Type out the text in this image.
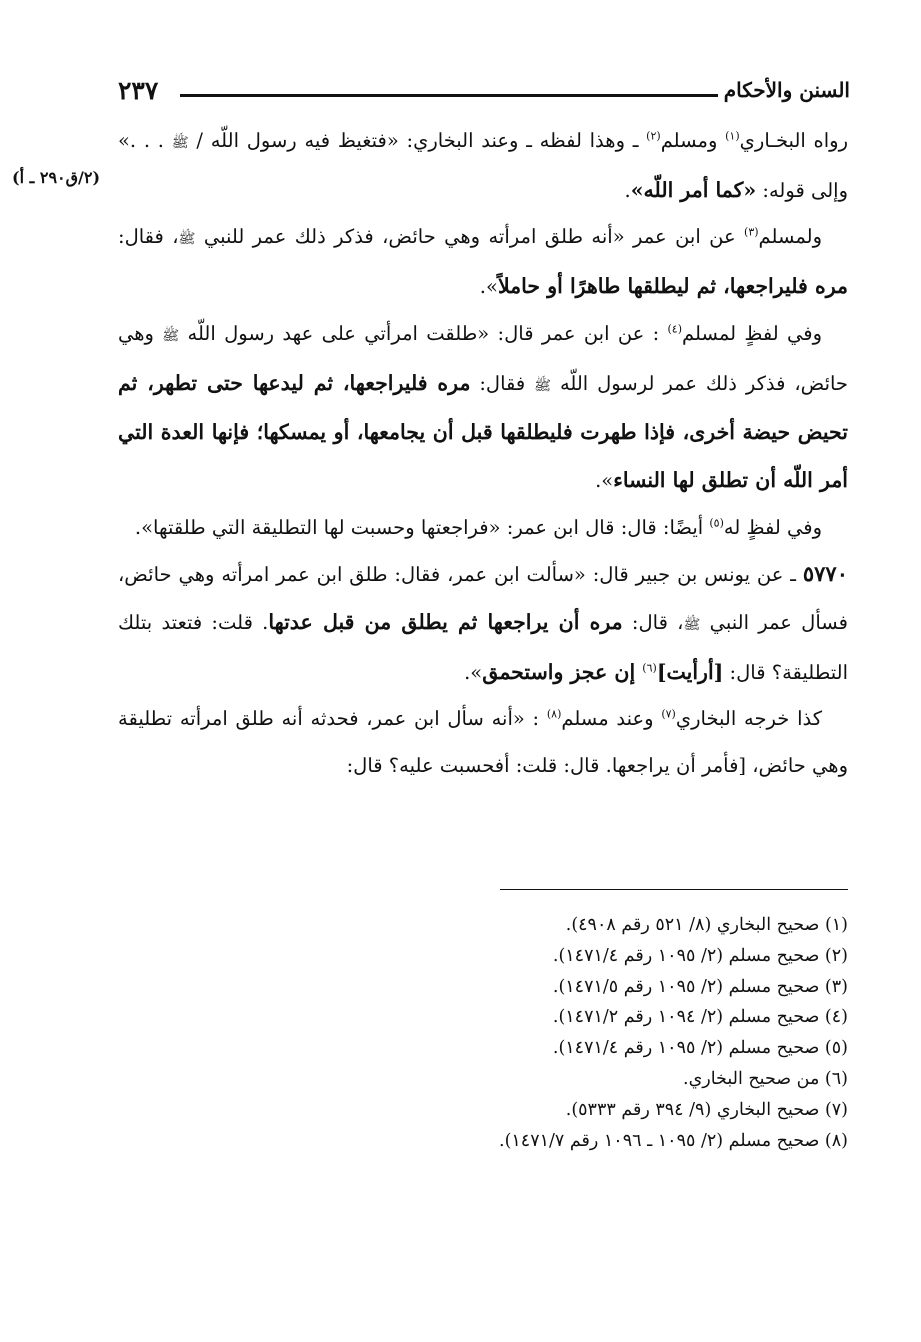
السنن والأحكام
٢٣٧
(٢/ق٢٩٠ ـ أ)

رواه البخـاري$^{(١)}$ ومسلم$^{(٢)}$ ـ وهذا لفظه ـ وعند البخاري: «فتغيظ فيه رسول اللّه / ﷺ . . .» وإلى قوله: «كما أمر اللّه».

ولمسلم$^{(٣)}$ عن ابن عمر «أنه طلق امرأته وهي حائض، فذكر ذلك عمر للنبي ﷺ، فقال: مره فليراجعها، ثم ليطلقها طاهرًا أو حاملاً».

وفي لفظٍ لمسلم$^{(٤)}$ : عن ابن عمر قال: «طلقت امرأتي على عهد رسول اللّه ﷺ وهي حائض، فذكر ذلك عمر لرسول اللّه ﷺ فقال: مره فليراجعها، ثم ليدعها حتى تطهر، ثم تحيض حيضة أخرى، فإذا طهرت فليطلقها قبل أن يجامعها، أو يمسكها؛ فإنها العدة التي أمر اللّه أن تطلق لها النساء».

وفي لفظٍ له$^{(٥)}$ أيضًا: قال: قال ابن عمر: «فراجعتها وحسبت لها التطليقة التي طلقتها».

٥٧٧٠ ـ عن يونس بن جبير قال: «سألت ابن عمر، فقال: طلق ابن عمر امرأته وهي حائض، فسأل عمر النبي ﷺ، قال: مره أن يراجعها ثم يطلق من قبل عدتها. قلت: فتعتد بتلك التطليقة؟ قال: [أرأيت]$^{(٦)}$ إن عجز واستحمق».

كذا خرجه البخاري$^{(٧)}$ وعند مسلم$^{(٨)}$ : «أنه سأل ابن عمر، فحدثه أنه طلق امرأته تطليقة وهي حائض، [فأمر أن يراجعها. قال: قلت: أفحسبت عليه؟ قال:

(١) صحيح البخاري (٨/ ٥٢١ رقم ٤٩٠٨).

(٢) صحيح مسلم (٢/ ١٠٩٥ رقم ١٤٧١/٤).

(٣) صحيح مسلم (٢/ ١٠٩٥ رقم ١٤٧١/٥).

(٤) صحيح مسلم (٢/ ١٠٩٤ رقم ١٤٧١/٢).

(٥) صحيح مسلم (٢/ ١٠٩٥ رقم ١٤٧١/٤).

(٦) من صحيح البخاري.

(٧) صحيح البخاري (٩/ ٣٩٤ رقم ٥٣٣٣).

(٨) صحيح مسلم (٢/ ١٠٩٥ ـ ١٠٩٦ رقم ١٤٧١/٧).
